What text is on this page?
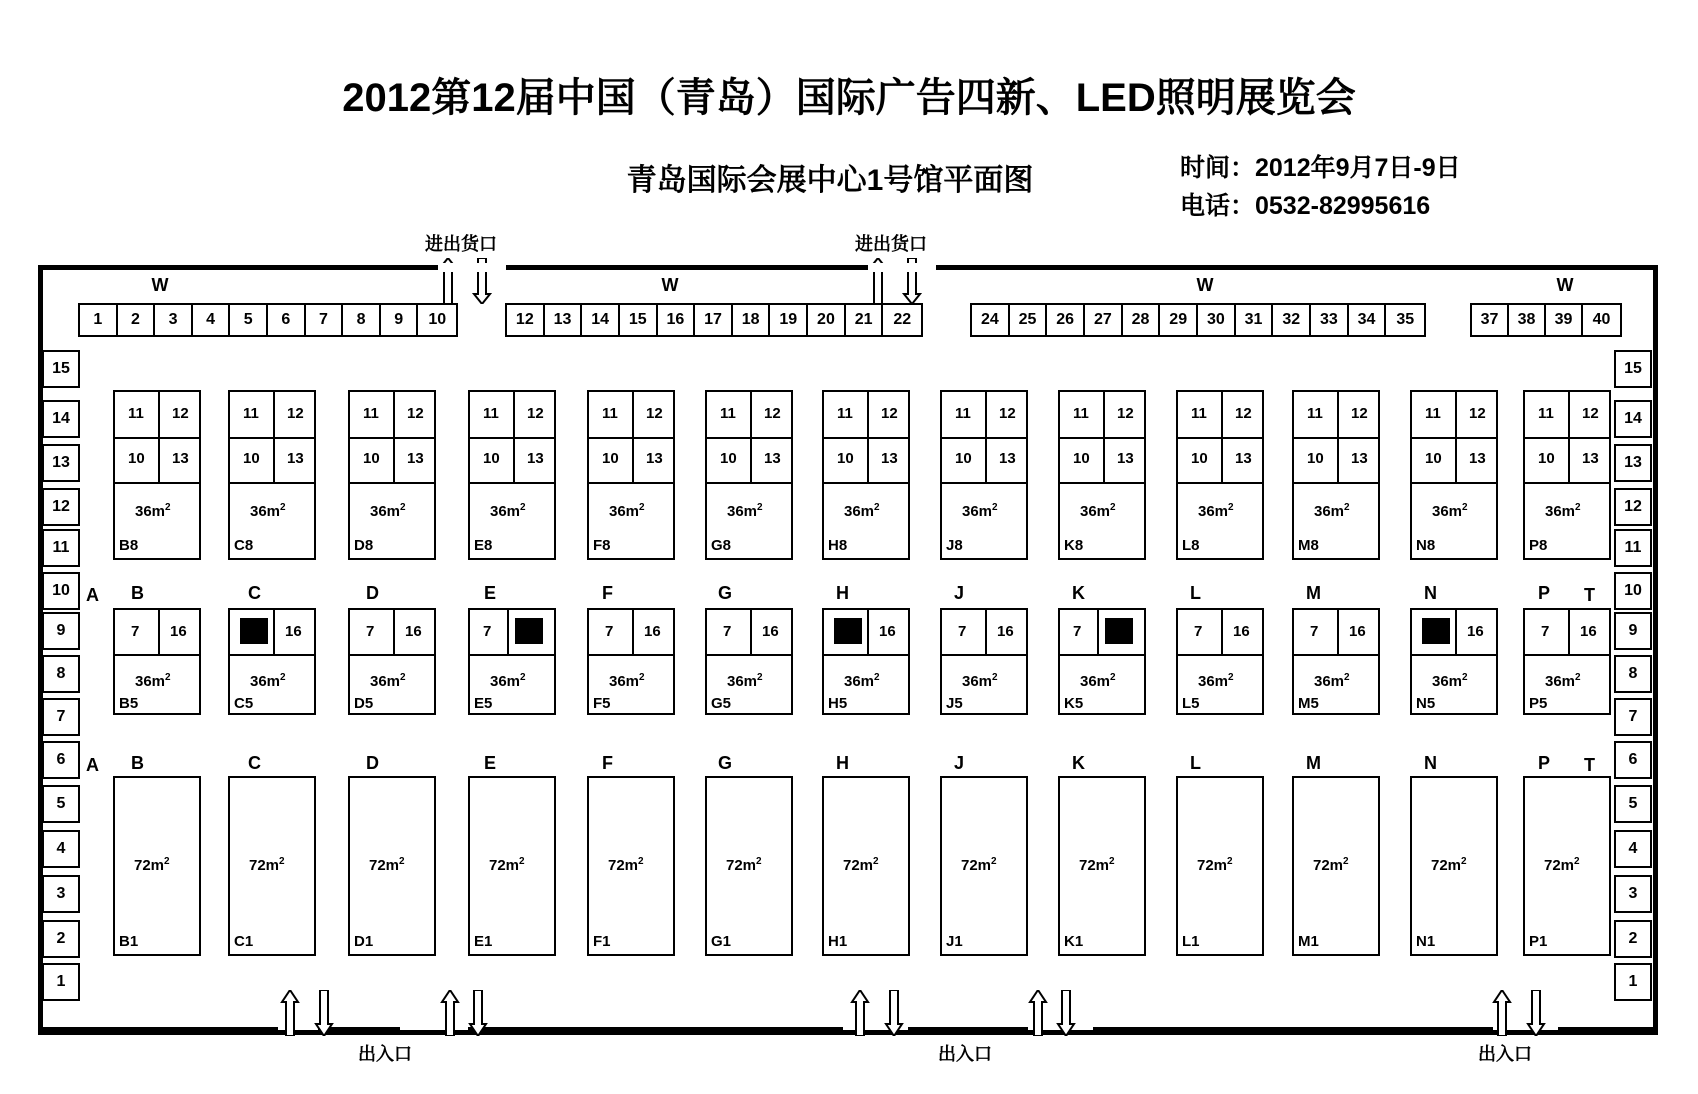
2012第12届中国（青岛）国际广告四新、LED照明展览会
青岛国际会展中心1号馆平面图	时间：2012年9月7日-9日
电话：0532-82995616
进出货口	进出货口
W	W	W	W
1	2	3	4	5	6	7	8	9	10	12	13	14	15	16	17	18	19	20	21	22	24	25	26	27	28	29	30	31	32	33	34	35	37	38	39	40
15
14
13
12
11
10
9
8
7
6
5
4
3
2
1
15
14
13
12
11
10
9
8
7
6
5
4
3
2
1
A	T
A	T
11 12
10 13
$36m^2$
B8
11 12
10 13
$36m^2$
C8
11 12
10 13
$36m^2$
D8
11 12
10 13
$36m^2$
E8
11 12
10 13
$36m^2$
F8
11 12
10 13
$36m^2$
G8
11 12
10 13
$36m^2$
H8
11 12
10 13
$36m^2$
J8
11 12
10 13
$36m^2$
K8
11 12
10 13
$36m^2$
L8
11 12
10 13
$36m^2$
M8
11 12
10 13
$36m^2$
N8
11 12
10 13
$36m^2$
P8
B	C	D	E	F	G	H	J	K	L	M	N	P
7 16
$36m^2$
B5
16
$36m^2$
C5
7 16
$36m^2$
D5
7
$36m^2$
E5
7 16
$36m^2$
F5
7 16
$36m^2$
G5
16
$36m^2$
H5
7 16
$36m^2$
J5
7
$36m^2$
K5
7 16
$36m^2$
L5
7 16
$36m^2$
M5
16
$36m^2$
N5
7 16
$36m^2$
P5
B	C	D	E	F	G	H	J	K	L	M	N	P
$72m^2$
B1
$72m^2$
C1
$72m^2$
D1
$72m^2$
E1
$72m^2$
F1
$72m^2$
G1
$72m^2$
H1
$72m^2$
J1
$72m^2$
K1
$72m^2$
L1
$72m^2$
M1
$72m^2$
N1
$72m^2$
P1
出入口	出入口	出入口
